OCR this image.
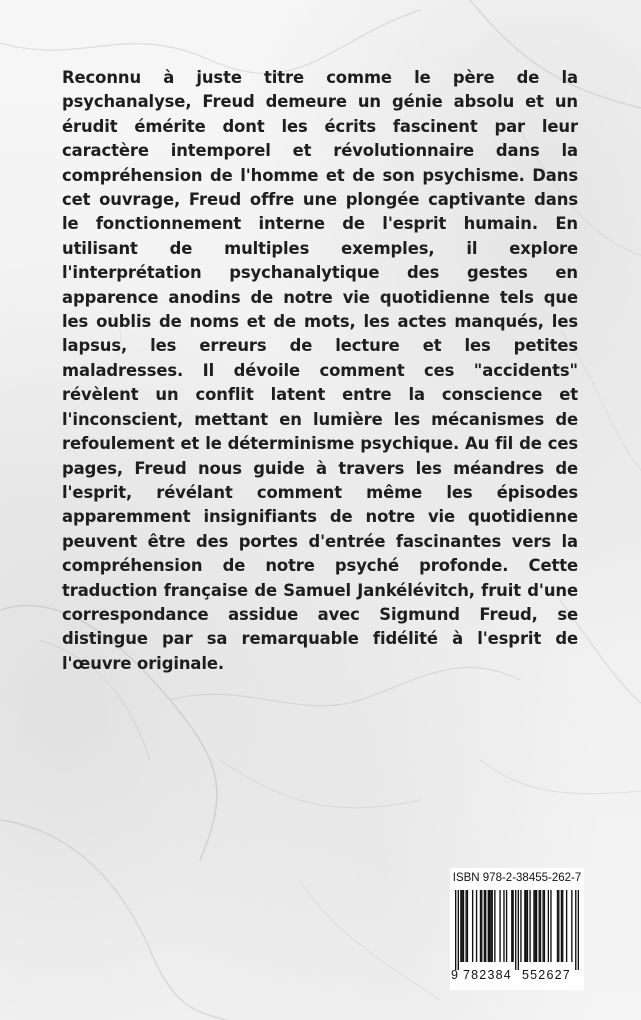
Reconnu à juste titre comme le père de la psychanalyse, Freud demeure un génie absolu et un érudit émérite dont les écrits fascinent par leur caractère intemporel et révolutionnaire dans la compréhension de l'homme et de son psychisme. Dans cet ouvrage, Freud offre une plongée captivante dans le fonctionnement interne de l'esprit humain. En utilisant de multiples exemples, il explore l'interprétation psychanalytique des gestes en apparence anodins de notre vie quotidienne tels que les oublis de noms et de mots, les actes manqués, les lapsus, les erreurs de lecture et les petites maladresses. Il dévoile comment ces "accidents" révèlent un conflit latent entre la conscience et l'inconscient, mettant en lumière les mécanismes de refoulement et le déterminisme psychique. Au fil de ces pages, Freud nous guide à travers les méandres de l'esprit, révélant comment même les épisodes apparemment insignifiants de notre vie quotidienne peuvent être des portes d'entrée fascinantes vers la compréhension de notre psyché profonde. Cette traduction française de Samuel Jankélévitch, fruit d'une correspondance assidue avec Sigmund Freud, se distingue par sa remarquable fidélité à l'esprit de l'œuvre originale.

ISBN 978-2-38455-262-7
9 782384 552627
